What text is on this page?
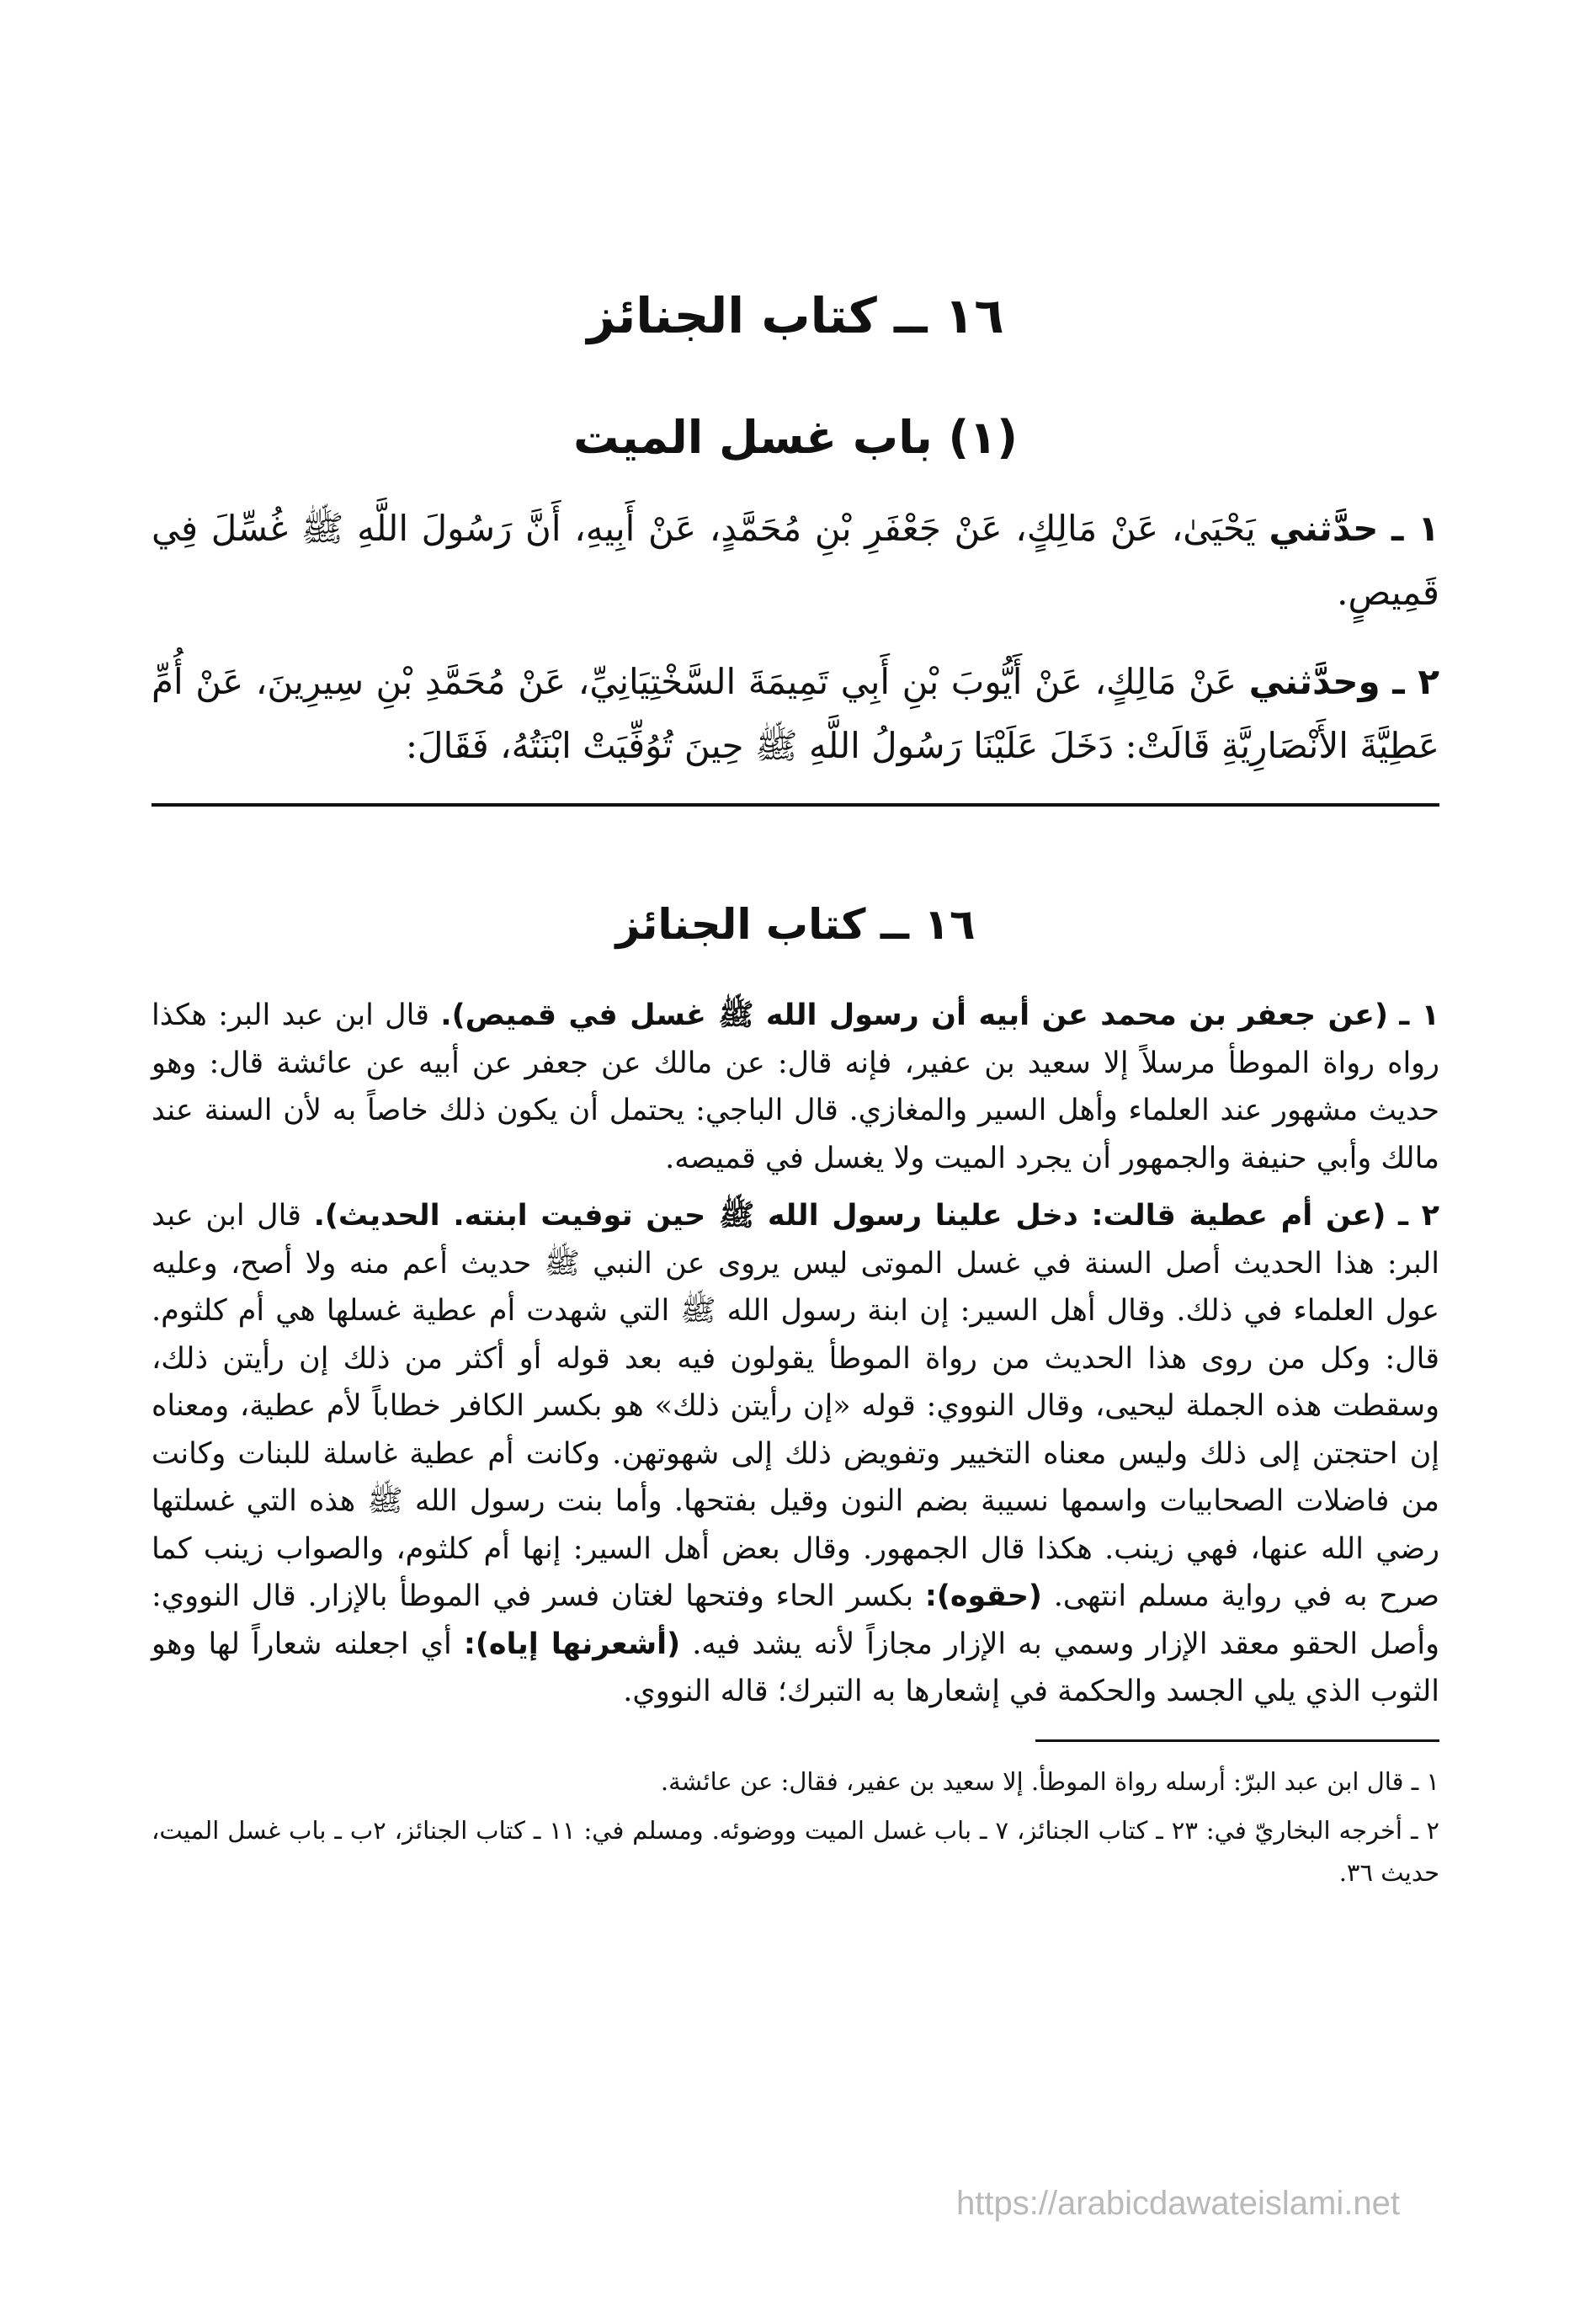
١٦ ــ كتاب الجنائز
(١) باب غسل الميت

١ ـ حدَّثني يَحْيَىٰ، عَنْ مَالِكٍ، عَنْ جَعْفَرِ بْنِ مُحَمَّدٍ، عَنْ أَبِيهِ، أَنَّ رَسُولَ اللَّهِ ﷺ غُسِّلَ فِي قَمِيصٍ.

٢ ـ وحدَّثني عَنْ مَالِكٍ، عَنْ أَيُّوبَ بْنِ أَبِي تَمِيمَةَ السَّخْتِيَانِيِّ، عَنْ مُحَمَّدِ بْنِ سِيرِينَ، عَنْ أُمِّ عَطِيَّةَ الأَنْصَارِيَّةِ قَالَتْ: دَخَلَ عَلَيْنَا رَسُولُ اللَّهِ ﷺ حِينَ تُوُفِّيَتْ ابْنَتُهُ، فَقَالَ:

١٦ ــ كتاب الجنائز

١ ـ (عن جعفر بن محمد عن أبيه أن رسول الله ﷺ غسل في قميص). قال ابن عبد البر: هكذا رواه رواة الموطأ مرسلاً إلا سعيد بن عفير، فإنه قال: عن مالك عن جعفر عن أبيه عن عائشة قال: وهو حديث مشهور عند العلماء وأهل السير والمغازي. قال الباجي: يحتمل أن يكون ذلك خاصاً به لأن السنة عند مالك وأبي حنيفة والجمهور أن يجرد الميت ولا يغسل في قميصه.

٢ ـ (عن أم عطية قالت: دخل علينا رسول الله ﷺ حين توفيت ابنته. الحديث). قال ابن عبد البر: هذا الحديث أصل السنة في غسل الموتى ليس يروى عن النبي ﷺ حديث أعم منه ولا أصح، وعليه عول العلماء في ذلك. وقال أهل السير: إن ابنة رسول الله ﷺ التي شهدت أم عطية غسلها هي أم كلثوم. قال: وكل من روى هذا الحديث من رواة الموطأ يقولون فيه بعد قوله أو أكثر من ذلك إن رأيتن ذلك، وسقطت هذه الجملة ليحيى، وقال النووي: قوله «إن رأيتن ذلك» هو بكسر الكافر خطاباً لأم عطية، ومعناه إن احتجتن إلى ذلك وليس معناه التخيير وتفويض ذلك إلى شهوتهن. وكانت أم عطية غاسلة للبنات وكانت من فاضلات الصحابيات واسمها نسيبة بضم النون وقيل بفتحها. وأما بنت رسول الله ﷺ هذه التي غسلتها رضي الله عنها، فهي زينب. هكذا قال الجمهور. وقال بعض أهل السير: إنها أم كلثوم، والصواب زينب كما صرح به في رواية مسلم انتهى. (حقوه): بكسر الحاء وفتحها لغتان فسر في الموطأ بالإزار. قال النووي: وأصل الحقو معقد الإزار وسمي به الإزار مجازاً لأنه يشد فيه. (أشعرنها إياه): أي اجعلنه شعاراً لها وهو الثوب الذي يلي الجسد والحكمة في إشعارها به التبرك؛ قاله النووي.

١ ـ قال ابن عبد البرّ: أرسله رواة الموطأ. إلا سعيد بن عفير، فقال: عن عائشة.

٢ ـ أخرجه البخاريّ في: ٢٣ ـ كتاب الجنائز، ٧ ـ باب غسل الميت ووضوئه. ومسلم في: ١١ ـ كتاب الجنائز، ٢ب ـ باب غسل الميت، حديث ٣٦.

https://arabicdawateislami.net
